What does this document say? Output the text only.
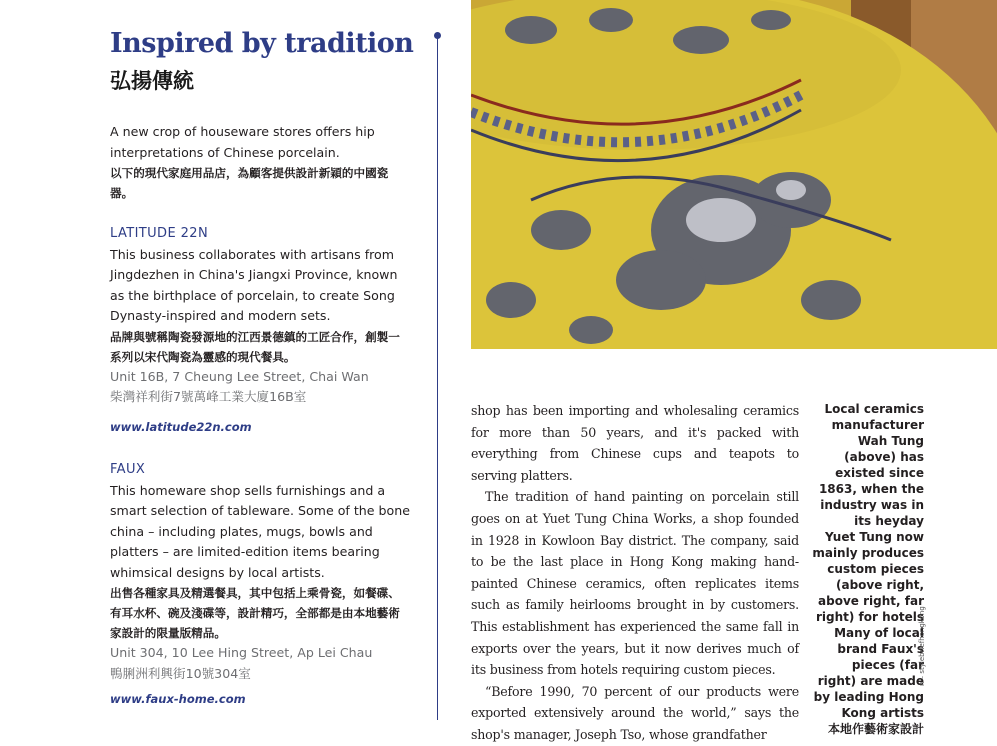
Inspired by tradition
弘揚傳統
A new crop of houseware stores offers hip interpretations of Chinese porcelain.
以下的現代家庭用品店，為顧客提供設計新穎的中國瓷器。
LATITUDE 22N
This business collaborates with artisans from Jingdezhen in China's Jiangxi Province, known as the birthplace of porcelain, to create Song Dynasty-inspired and modern sets.
品牌與號稱陶瓷發源地的江西景德鎮的工匠合作，創製一系列以宋代陶瓷為靈感的現代餐具。
Unit 16B, 7 Cheung Lee Street, Chai Wan
柴灣祥利街7號萬峰工業大廈16B室
www.latitude22n.com
FAUX
This homeware shop sells furnishings and a smart selection of tableware. Some of the bone china – including plates, mugs, bowls and platters – are limited-edition items bearing whimsical designs by local artists.
出售各種家具及精選餐具，其中包括上乘骨瓷，如餐碟、有耳水杯、碗及淺碟等，設計精巧，全部都是由本地藝術家設計的限量版精品。
Unit 304, 10 Lee Hing Street, Ap Lei Chau
鴨脷洲利興街10號304室
www.faux-home.com

shop has been importing and wholesaling ceramics for more than 50 years, and it's packed with everything from Chinese cups and teapots to serving platters.

The tradition of hand painting on porcelain still goes on at Yuet Tung China Works, a shop founded in 1928 in Kowloon Bay district. The company, said to be the last place in Hong Kong making hand-painted Chinese ceramics, often replicates items such as family heirlooms brought in by customers. This establishment has experienced the same fall in exports over the years, but it now derives much of its business from hotels requiring custom pieces.

“Before 1990, 70 percent of our products were exported extensively around the world,” says the shop's manager, Joseph Tso, whose grandfather

Local ceramics manufacturer Wah Tung (above) has existed since 1863, when the industry was in its heyday

Yuet Tung now mainly produces custom pieces (above right, above right, far right) for hotels

Many of local brand Faux's pieces (far right) are made by leading Hong Kong artists

本地作藝術家設計

n – stylebriefhongkong
